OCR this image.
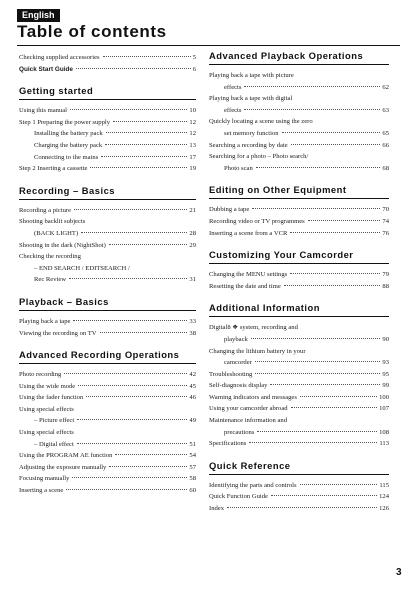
English
Table of contents
Checking supplied accessories	5
Quick Start Guide	6
Getting started
Using this manual	10
Step 1 Preparing the power supply	12
Installing the battery pack	12
Charging the battery pack	13
Connecting to the mains	17
Step 2 Inserting a cassette	19
Recording – Basics
Recording a picture	21
Shooting backlit subjects
(BACK LIGHT)	28
Shooting in the dark (NightShot)	29
Checking the recording
– END SEARCH / EDITSEARCH /
Rec Review	31
Playback – Basics
Playing back a tape	33
Viewing the recording on TV	38
Advanced Recording Operations
Photo recording	42
Using the wide mode	45
Using the fader function	46
Using special effects
– Picture effect	49
Using special effects
– Digital effect	51
Using the PROGRAM AE function	54
Adjusting the exposure manually	57
Focusing manually	58
Inserting a scene	60
Advanced Playback Operations
Playing back a tape with picture
effects	62
Playing back a tape with digital
effects	63
Quickly locating a scene using the zero
set memory function	65
Searching a recording by date	66
Searching for a photo – Photo search/
Photo scan	68
Editing on Other Equipment
Dubbing a tape	70
Recording video or TV programmes	74
Inserting a scene from a VCR	76
Customizing Your Camcorder
Changing the MENU settings	79
Resetting the date and time	88
Additional Information
Digital8 ❖ system, recording and
playback	90
Changing the lithium battery in your
camcorder	93
Troubleshooting	95
Self-diagnosis display	99
Warning indicators and messages	100
Using your camcorder abroad	107
Maintenance information and
precautions	108
Specifications	113
Quick Reference
Identifying the parts and controls	115
Quick Function Guide	124
Index	126
3
